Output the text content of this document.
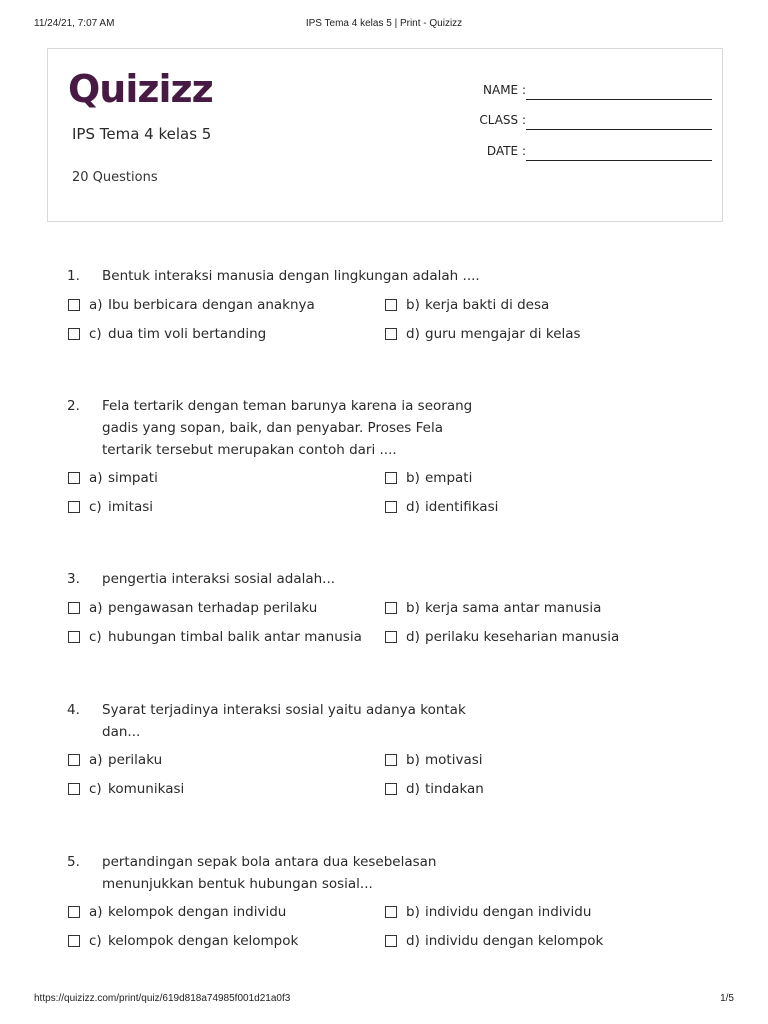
11/24/21, 7:07 AM	IPS Tema 4 kelas 5 | Print - Quizizz
Quizizz
IPS Tema 4 kelas 5
20 Questions
NAME :
CLASS :
DATE :
1. Bentuk interaksi manusia dengan lingkungan adalah ....
a) Ibu berbicara dengan anaknya	b) kerja bakti di desa
c) dua tim voli bertanding	d) guru mengajar di kelas
2. Fela tertarik dengan teman barunya karena ia seorang gadis yang sopan, baik, dan penyabar. Proses Fela tertarik tersebut merupakan contoh dari ....
a) simpati	b) empati
c) imitasi	d) identifikasi
3. pengertia interaksi sosial adalah...
a) pengawasan terhadap perilaku	b) kerja sama antar manusia
c) hubungan timbal balik antar manusia	d) perilaku keseharian manusia
4. Syarat terjadinya interaksi sosial yaitu adanya kontak dan...
a) perilaku	b) motivasi
c) komunikasi	d) tindakan
5. pertandingan sepak bola antara dua kesebelasan menunjukkan bentuk hubungan sosial...
a) kelompok dengan individu	b) individu dengan individu
c) kelompok dengan kelompok	d) individu dengan kelompok
https://quizizz.com/print/quiz/619d818a74985f001d21a0f3	1/5
